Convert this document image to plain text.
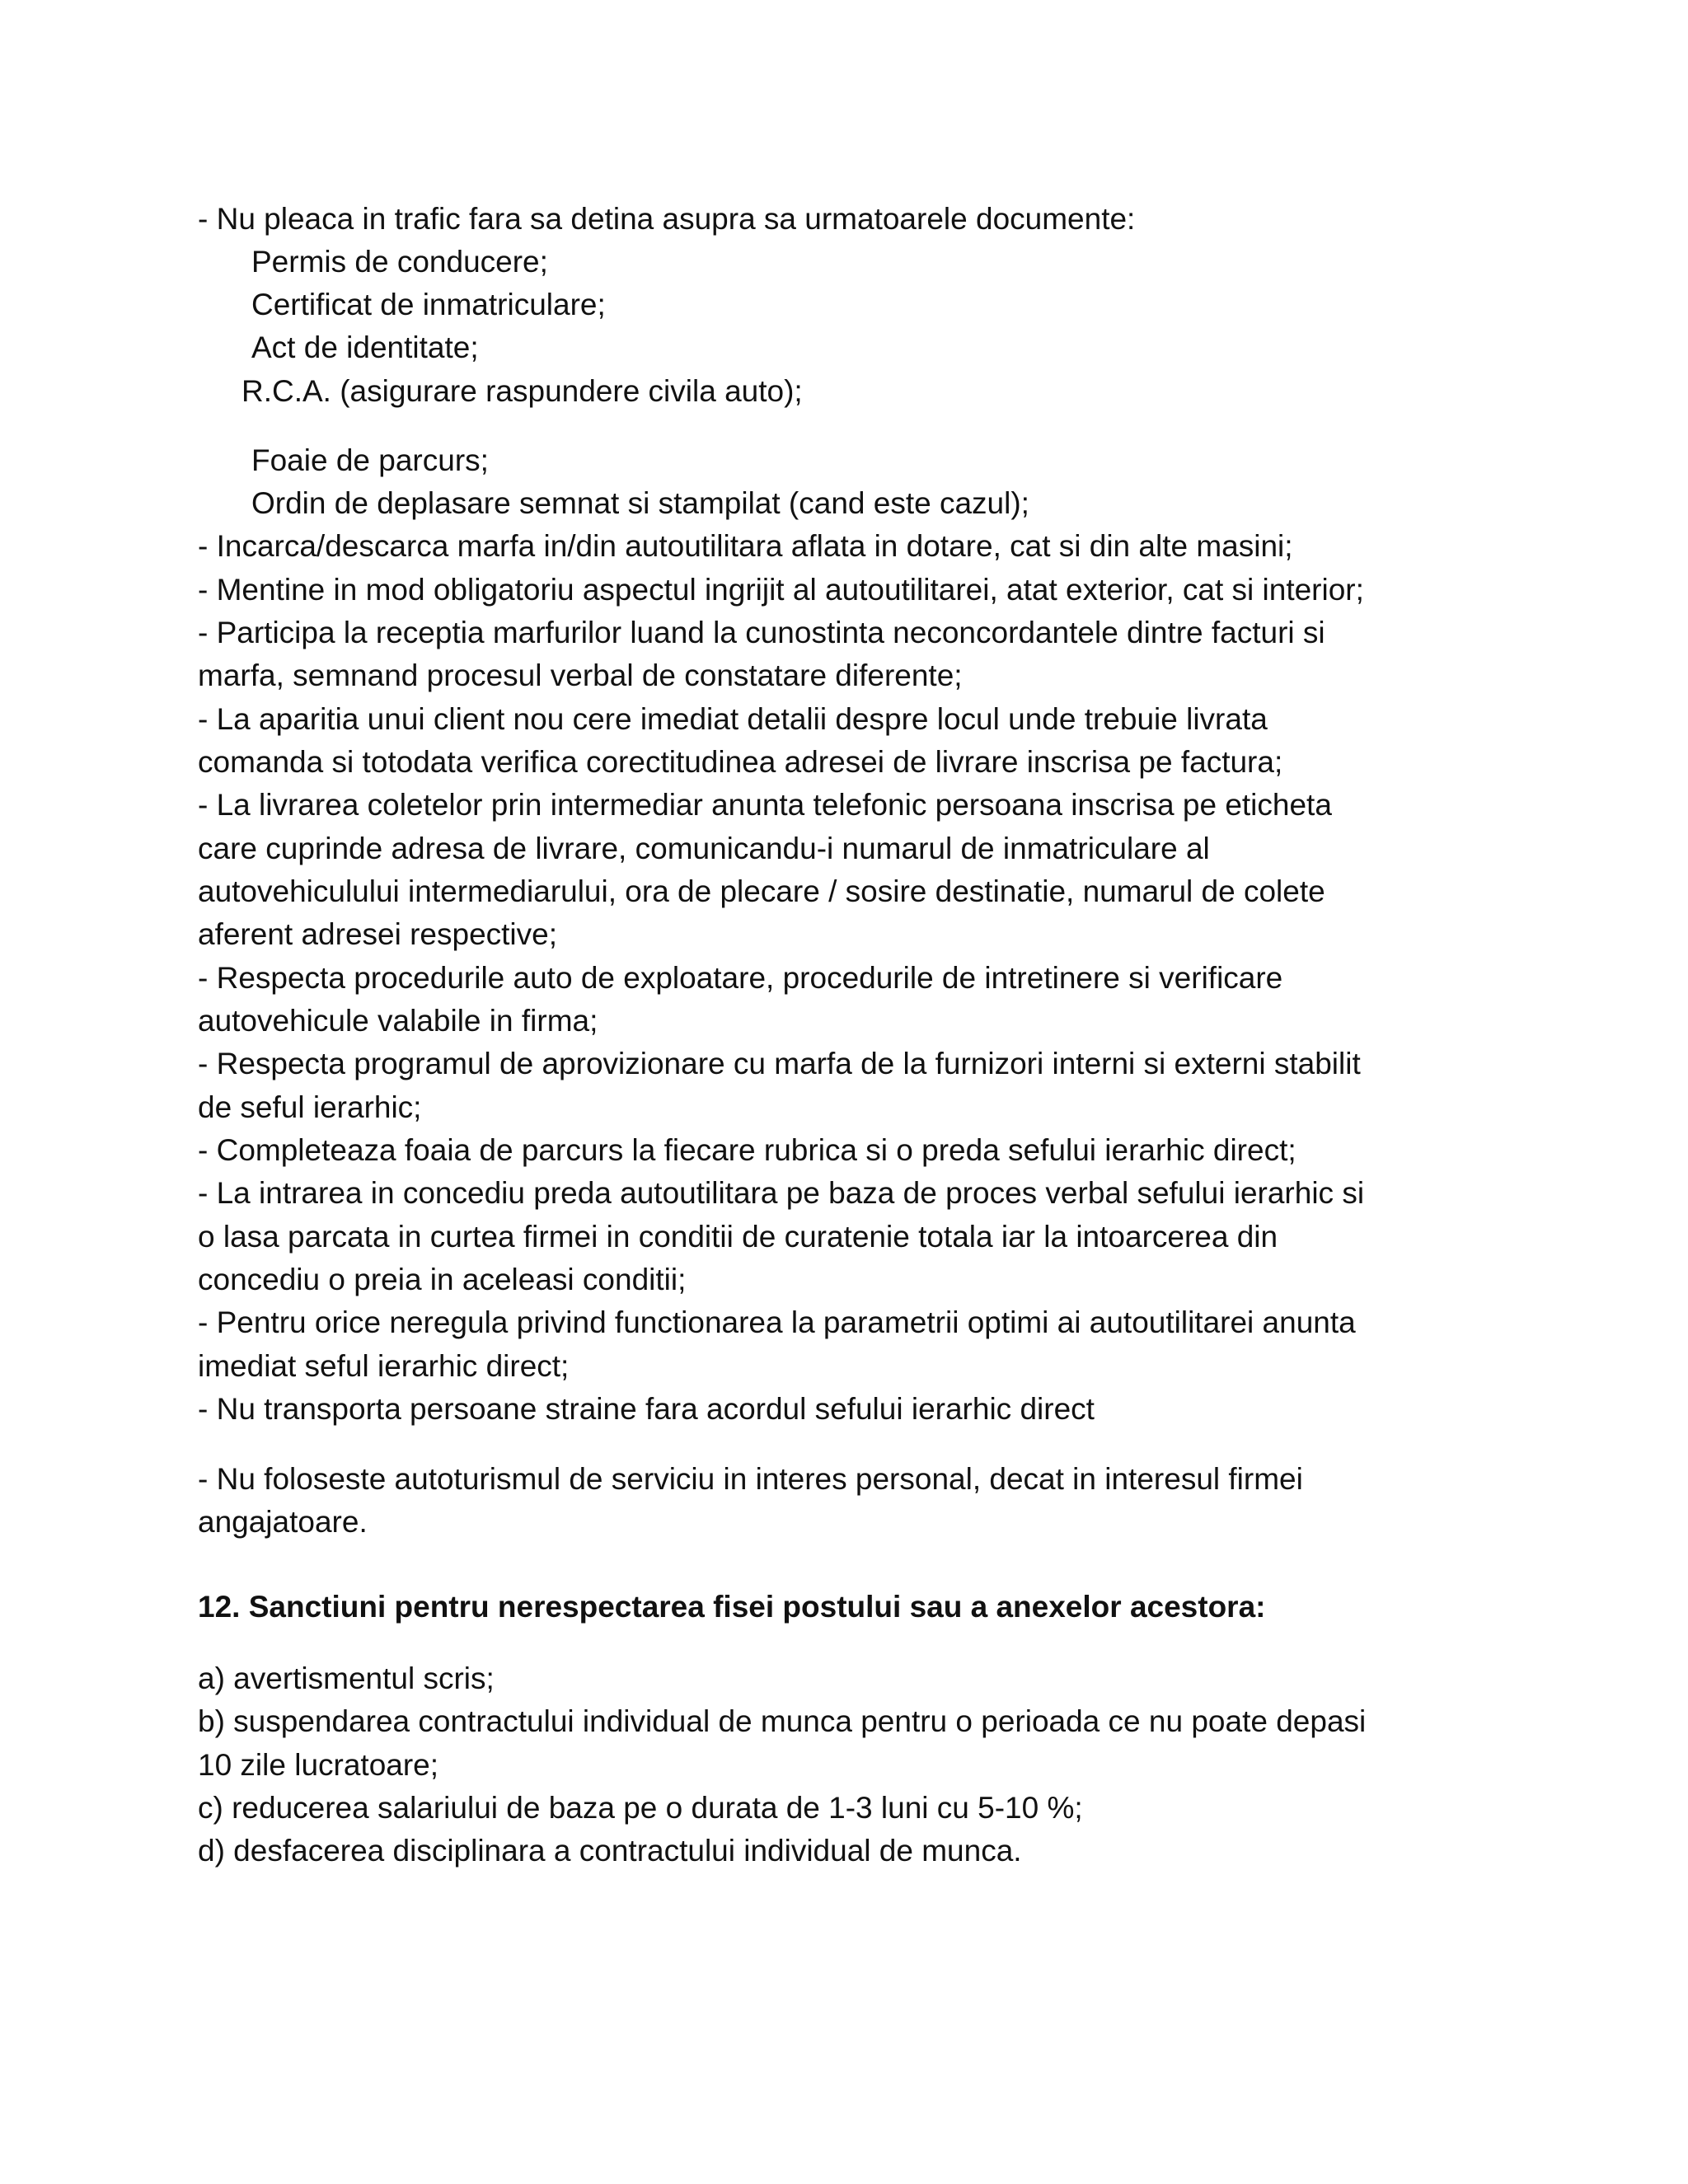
- Nu pleaca in trafic fara sa detina asupra sa urmatoarele documente:
Permis de conducere;
Certificat de inmatriculare;
Act de identitate;
R.C.A. (asigurare raspundere civila auto);
Foaie de parcurs;
Ordin de deplasare semnat si stampilat (cand este cazul);
- Incarca/descarca marfa in/din autoutilitara aflata in dotare, cat si din alte masini;
- Mentine in mod obligatoriu aspectul ingrijit al autoutilitarei, atat exterior, cat si interior;
- Participa la receptia marfurilor luand la cunostinta neconcordantele dintre facturi si
marfa, semnand procesul verbal de constatare diferente;
- La aparitia unui client nou cere imediat detalii despre locul unde trebuie livrata
comanda si totodata verifica corectitudinea adresei de livrare inscrisa pe factura;
- La livrarea coletelor prin intermediar anunta telefonic persoana inscrisa pe eticheta
care cuprinde adresa de livrare, comunicandu-i numarul de inmatriculare al
autovehiculului intermediarului, ora de plecare / sosire destinatie, numarul de colete
aferent adresei respective;
- Respecta procedurile auto de exploatare, procedurile de intretinere si verificare
autovehicule valabile in firma;
- Respecta programul de aprovizionare cu marfa de la furnizori interni si externi stabilit
de seful ierarhic;
- Completeaza foaia de parcurs la fiecare rubrica si o preda sefului ierarhic direct;
- La intrarea in concediu preda autoutilitara pe baza de proces verbal sefului ierarhic si
o lasa parcata in curtea firmei in conditii de curatenie totala iar la intoarcerea din
concediu o preia in aceleasi conditii;
- Pentru orice neregula privind functionarea la parametrii optimi ai autoutilitarei anunta
imediat seful ierarhic direct;
- Nu transporta persoane straine fara acordul sefului ierarhic direct
- Nu foloseste autoturismul de serviciu in interes personal, decat in interesul firmei
angajatoare.
12. Sanctiuni pentru nerespectarea fisei postului sau a anexelor acestora:
a) avertismentul scris;
b) suspendarea contractului individual de munca pentru o perioada ce nu poate depasi
10 zile lucratoare;
c) reducerea salariului de baza pe o durata de 1-3 luni cu 5-10 %;
d) desfacerea disciplinara a contractului individual de munca.
